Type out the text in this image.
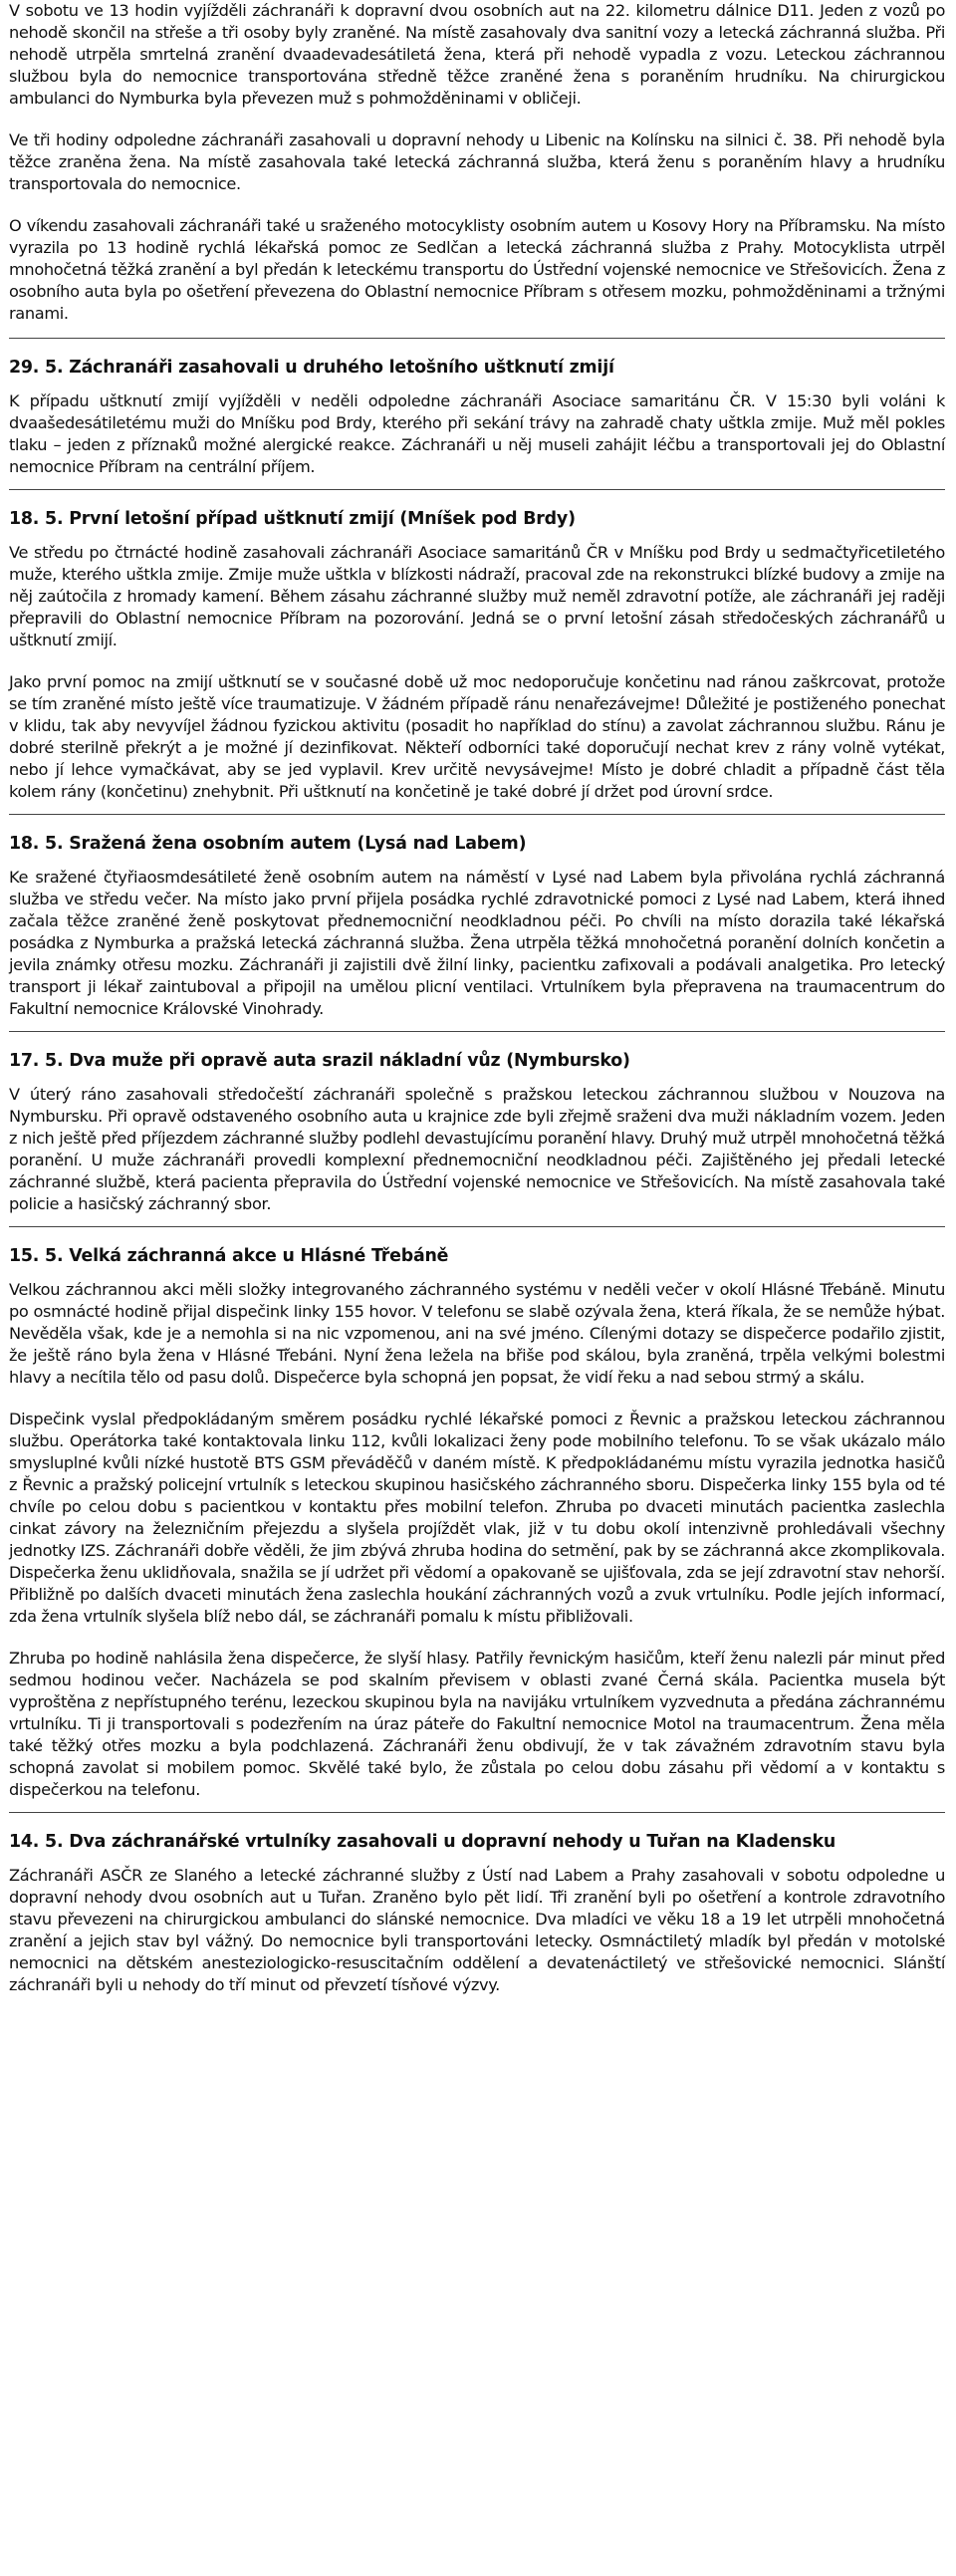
V sobotu ve 13 hodin vyjížděli záchranáři k dopravní dvou osobních aut na 22. kilometru dálnice D11. Jeden z vozů po nehodě skončil na střeše a tři osoby byly zraněné. Na místě zasahovaly dva sanitní vozy a letecká záchranná služba. Při nehodě utrpěla smrtelná zranění dvaadevadesátiletá žena, která při nehodě vypadla z vozu. Leteckou záchrannou službou byla do nemocnice transportována středně těžce zraněné žena s poraněním hrudníku. Na chirurgickou ambulanci do Nymburka byla převezen muž s pohmožděninami v obličeji.

Ve tři hodiny odpoledne záchranáři zasahovali u dopravní nehody u Libenic na Kolínsku na silnici č. 38. Při nehodě byla těžce zraněna žena. Na místě zasahovala také letecká záchranná služba, která ženu s poraněním hlavy a hrudníku transportovala do nemocnice.

O víkendu zasahovali záchranáři také u sraženého motocyklisty osobním autem u Kosovy Hory na Příbramsku. Na místo vyrazila po 13 hodině rychlá lékařská pomoc ze Sedlčan a letecká záchranná služba z Prahy. Motocyklista utrpěl mnohočetná těžká zranění a byl předán k leteckému transportu do Ústřední vojenské nemocnice ve Střešovicích. Žena z osobního auta byla po ošetření převezena do Oblastní nemocnice Příbram s otřesem mozku, pohmožděninami a tržnými ranami.

29. 5. Záchranáři zasahovali u druhého letošního uštknutí zmijí

K případu uštknutí zmijí vyjížděli v neděli odpoledne záchranáři Asociace samaritánu ČR. V 15:30 byli voláni k dvaašedesátiletému muži do Mníšku pod Brdy, kterého při sekání trávy na zahradě chaty uštkla zmije. Muž měl pokles tlaku – jeden z příznaků možné alergické reakce. Záchranáři u něj museli zahájit léčbu a transportovali jej do Oblastní nemocnice Příbram na centrální příjem.

18. 5. První letošní případ uštknutí zmijí (Mníšek pod Brdy)

Ve středu po čtrnácté hodině zasahovali záchranáři Asociace samaritánů ČR v Mníšku pod Brdy u sedmačtyřicetiletého muže, kterého uštkla zmije. Zmije muže uštkla v blízkosti nádraží, pracoval zde na rekonstrukci blízké budovy a zmije na něj zaútočila z hromady kamení. Během zásahu záchranné služby muž neměl zdravotní potíže, ale záchranáři jej raději přepravili do Oblastní nemocnice Příbram na pozorování. Jedná se o první letošní zásah středočeských záchranářů u uštknutí zmijí.

Jako první pomoc na zmijí uštknutí se v současné době už moc nedoporučuje končetinu nad ránou zaškrcovat, protože se tím zraněné místo ještě více traumatizuje. V žádném případě ránu nenařezávejme! Důležité je postiženého ponechat v klidu, tak aby nevyvíjel žádnou fyzickou aktivitu (posadit ho například do stínu) a zavolat záchrannou službu. Ránu je dobré sterilně překrýt a je možné jí dezinfikovat. Někteří odborníci také doporučují nechat krev z rány volně vytékat, nebo jí lehce vymačkávat, aby se jed vyplavil. Krev určitě nevysávejme! Místo je dobré chladit a případně část těla kolem rány (končetinu) znehybnit. Při uštknutí na končetině je také dobré jí držet pod úrovní srdce.

18. 5. Sražená žena osobním autem (Lysá nad Labem)

Ke sražené čtyřiaosmdesátileté ženě osobním autem na náměstí v Lysé nad Labem byla přivolána rychlá záchranná služba ve středu večer. Na místo jako první přijela posádka rychlé zdravotnické pomoci z Lysé nad Labem, která ihned začala těžce zraněné ženě poskytovat přednemocniční neodkladnou péči. Po chvíli na místo dorazila také lékařská posádka z Nymburka a pražská letecká záchranná služba. Žena utrpěla těžká mnohočetná poranění dolních končetin a jevila známky otřesu mozku. Záchranáři ji zajistili dvě žilní linky, pacientku zafixovali a podávali analgetika. Pro letecký transport ji lékař zaintuboval a připojil na umělou plicní ventilaci. Vrtulníkem byla přepravena na traumacentrum do Fakultní nemocnice Královské Vinohrady.

17. 5. Dva muže při opravě auta srazil nákladní vůz (Nymbursko)

V úterý ráno zasahovali středočeští záchranáři společně s pražskou leteckou záchrannou službou v Nouzova na Nymbursku. Při opravě odstaveného osobního auta u krajnice zde byli zřejmě sraženi dva muži nákladním vozem. Jeden z nich ještě před příjezdem záchranné služby podlehl devastujícímu poranění hlavy. Druhý muž utrpěl mnohočetná těžká poranění. U muže záchranáři provedli komplexní přednemocniční neodkladnou péči. Zajištěného jej předali letecké záchranné službě, která pacienta přepravila do Ústřední vojenské nemocnice ve Střešovicích. Na místě zasahovala také policie a hasičský záchranný sbor.

15. 5. Velká záchranná akce u Hlásné Třebáně

Velkou záchrannou akci měli složky integrovaného záchranného systému v neděli večer v okolí Hlásné Třebáně. Minutu po osmnácté hodině přijal dispečink linky 155 hovor. V telefonu se slabě ozývala žena, která říkala, že se nemůže hýbat. Nevěděla však, kde je a nemohla si na nic vzpomenou, ani na své jméno. Cílenými dotazy se dispečerce podařilo zjistit, že ještě ráno byla žena v Hlásné Třebáni. Nyní žena ležela na břiše pod skálou, byla zraněná, trpěla velkými bolestmi hlavy a necítila tělo od pasu dolů. Dispečerce byla schopná jen popsat, že vidí řeku a nad sebou strmý a skálu.

Dispečink vyslal předpokládaným směrem posádku rychlé lékařské pomoci z Řevnic a pražskou leteckou záchrannou službu. Operátorka také kontaktovala linku 112, kvůli lokalizaci ženy pode mobilního telefonu. To se však ukázalo málo smysluplné kvůli nízké hustotě BTS GSM převáděčů v daném místě. K předpokládanému místu vyrazila jednotka hasičů z Řevnic a pražský policejní vrtulník s leteckou skupinou hasičského záchranného sboru. Dispečerka linky 155 byla od té chvíle po celou dobu s pacientkou v kontaktu přes mobilní telefon. Zhruba po dvaceti minutách pacientka zaslechla cinkat závory na železničním přejezdu a slyšela projíždět vlak, již v tu dobu okolí intenzivně prohledávali všechny jednotky IZS. Záchranáři dobře věděli, že jim zbývá zhruba hodina do setmění, pak by se záchranná akce zkomplikovala. Dispečerka ženu uklidňovala, snažila se jí udržet při vědomí a opakovaně se ujišťovala, zda se její zdravotní stav nehorší. Přibližně po dalších dvaceti minutách žena zaslechla houkání záchranných vozů a zvuk vrtulníku. Podle jejích informací, zda žena vrtulník slyšela blíž nebo dál, se záchranáři pomalu k místu přibližovali.

Zhruba po hodině nahlásila žena dispečerce, že slyší hlasy. Patřily řevnickým hasičům, kteří ženu nalezli pár minut před sedmou hodinou večer. Nacházela se pod skalním převisem v oblasti zvané Černá skála. Pacientka musela být vyproštěna z nepřístupného terénu, lezeckou skupinou byla na navijáku vrtulníkem vyzvednuta a předána záchrannému vrtulníku. Ti ji transportovali s podezřením na úraz páteře do Fakultní nemocnice Motol na traumacentrum. Žena měla také těžký otřes mozku a byla podchlazená. Záchranáři ženu obdivují, že v tak závažném zdravotním stavu byla schopná zavolat si mobilem pomoc. Skvělé také bylo, že zůstala po celou dobu zásahu při vědomí a v kontaktu s dispečerkou na telefonu.

14. 5. Dva záchranářské vrtulníky zasahovali u dopravní nehody u Tuřan na Kladensku

Záchranáři ASČR ze Slaného a letecké záchranné služby z Ústí nad Labem a Prahy zasahovali v sobotu odpoledne u dopravní nehody dvou osobních aut u Tuřan. Zraněno bylo pět lidí. Tři zranění byli po ošetření a kontrole zdravotního stavu převezeni na chirurgickou ambulanci do slánské nemocnice. Dva mladíci ve věku 18 a 19 let utrpěli mnohočetná zranění a jejich stav byl vážný. Do nemocnice byli transportováni letecky. Osmnáctiletý mladík byl předán v motolské nemocnici na dětském anesteziologicko-resuscitačním oddělení a devatenáctiletý ve střešovické nemocnici. Slánští záchranáři byli u nehody do tří minut od převzetí tísňové výzvy.
